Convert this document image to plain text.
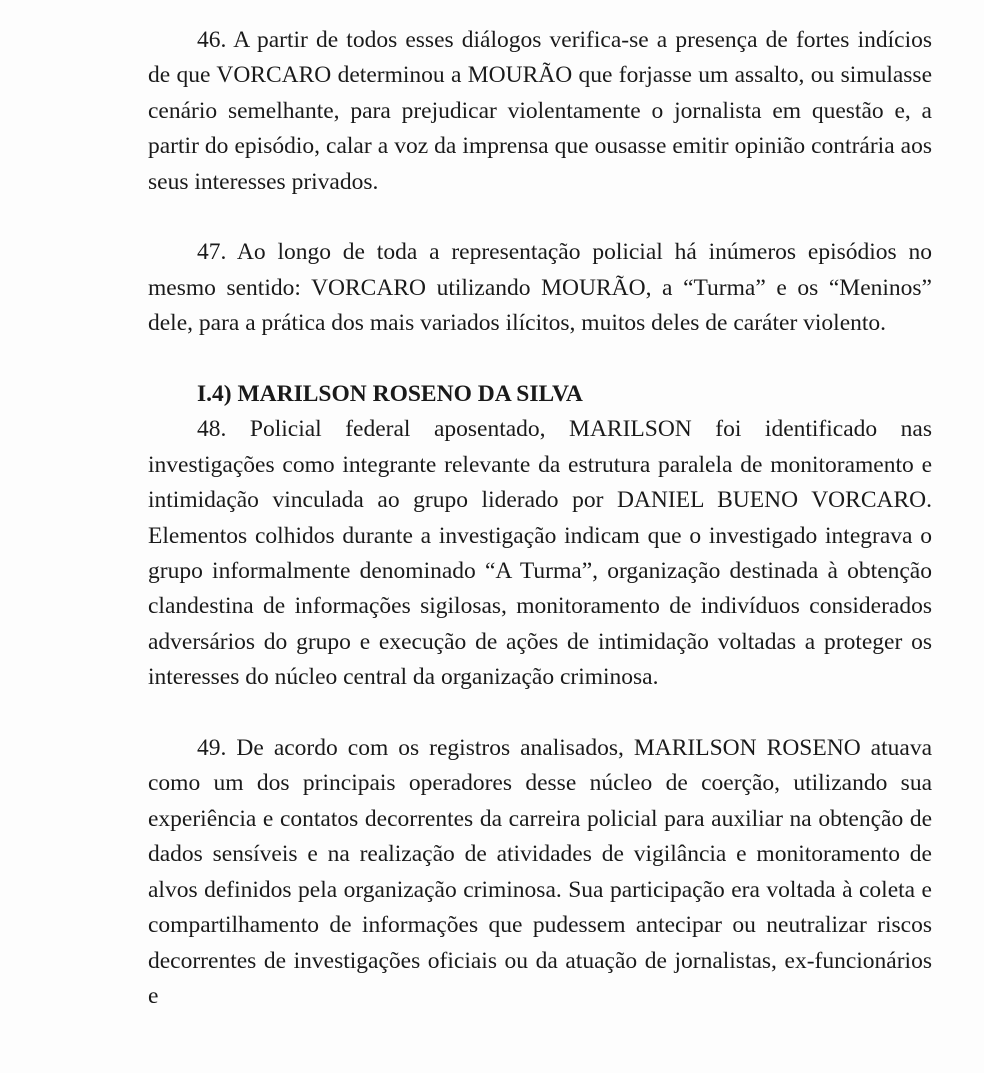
46. A partir de todos esses diálogos verifica-se a presença de fortes indícios de que VORCARO determinou a MOURÃO que forjasse um assalto, ou simulasse cenário semelhante, para prejudicar violentamente o jornalista em questão e, a partir do episódio, calar a voz da imprensa que ousasse emitir opinião contrária aos seus interesses privados.

47. Ao longo de toda a representação policial há inúmeros episódios no mesmo sentido: VORCARO utilizando MOURÃO, a “Turma” e os “Meninos” dele, para a prática dos mais variados ilícitos, muitos deles de caráter violento.

I.4) MARILSON ROSENO DA SILVA

48. Policial federal aposentado, MARILSON foi identificado nas investigações como integrante relevante da estrutura paralela de monitoramento e intimidação vinculada ao grupo liderado por DANIEL BUENO VORCARO. Elementos colhidos durante a investigação indicam que o investigado integrava o grupo informalmente denominado “A Turma”, organização destinada à obtenção clandestina de informações sigilosas, monitoramento de indivíduos considerados adversários do grupo e execução de ações de intimidação voltadas a proteger os interesses do núcleo central da organização criminosa.

49. De acordo com os registros analisados, MARILSON ROSENO atuava como um dos principais operadores desse núcleo de coerção, utilizando sua experiência e contatos decorrentes da carreira policial para auxiliar na obtenção de dados sensíveis e na realização de atividades de vigilância e monitoramento de alvos definidos pela organização criminosa. Sua participação era voltada à coleta e compartilhamento de informações que pudessem antecipar ou neutralizar riscos decorrentes de investigações oficiais ou da atuação de jornalistas, ex-funcionários e
